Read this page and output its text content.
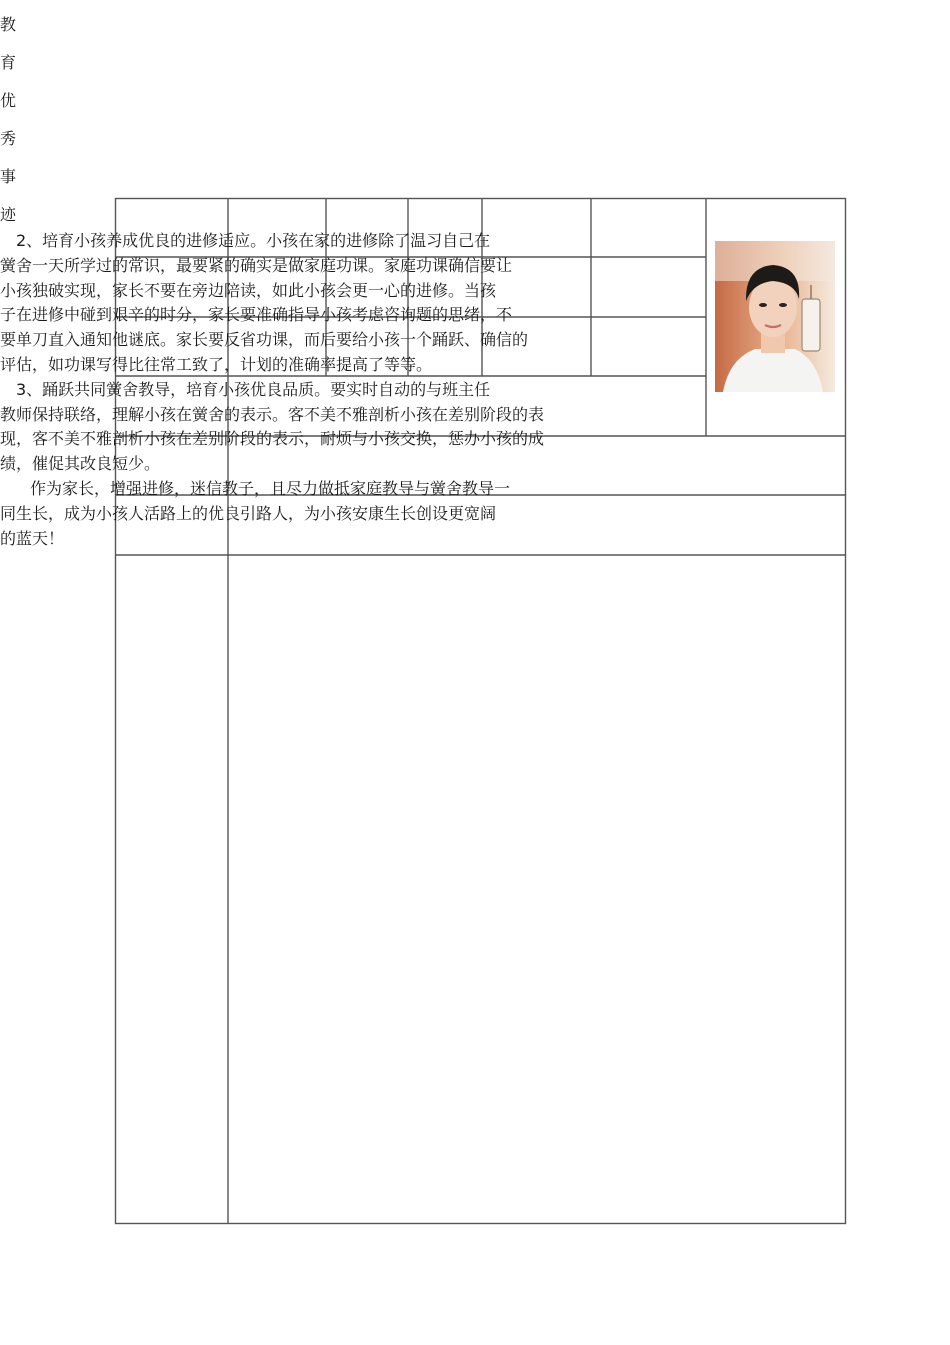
教
育
优
秀
事
迹

2、培育小孩养成优良的进修适应。小孩在家的进修除了温习自己在
黉舍一天所学过的常识，最要紧的确实是做家庭功课。家庭功课确信要让
小孩独破实现，家长不要在旁边陪读，如此小孩会更一心的进修。当孩
子在进修中碰到艰辛的时分，家长要准确指导小孩考虑咨询题的思绪，不
要单刀直入通知他谜底。家长要反省功课，而后要给小孩一个踊跃、确信的
评估，如功课写得比往常工致了，计划的准确率提高了等等。

3、踊跃共同黉舍教导，培育小孩优良品质。要实时自动的与班主任
教师保持联络，理解小孩在黉舍的表示。客不美不雅剖析小孩在差别阶段的表
现，客不美不雅剖析小孩在差别阶段的表示，耐烦与小孩交换，惩办小孩的成
绩，催促其改良短少。

作为家长，增强进修，迷信教子，且尽力做抵家庭教导与黉舍教导一
同生长，成为小孩人活路上的优良引路人，为小孩安康生长创设更宽阔
的蓝天！
